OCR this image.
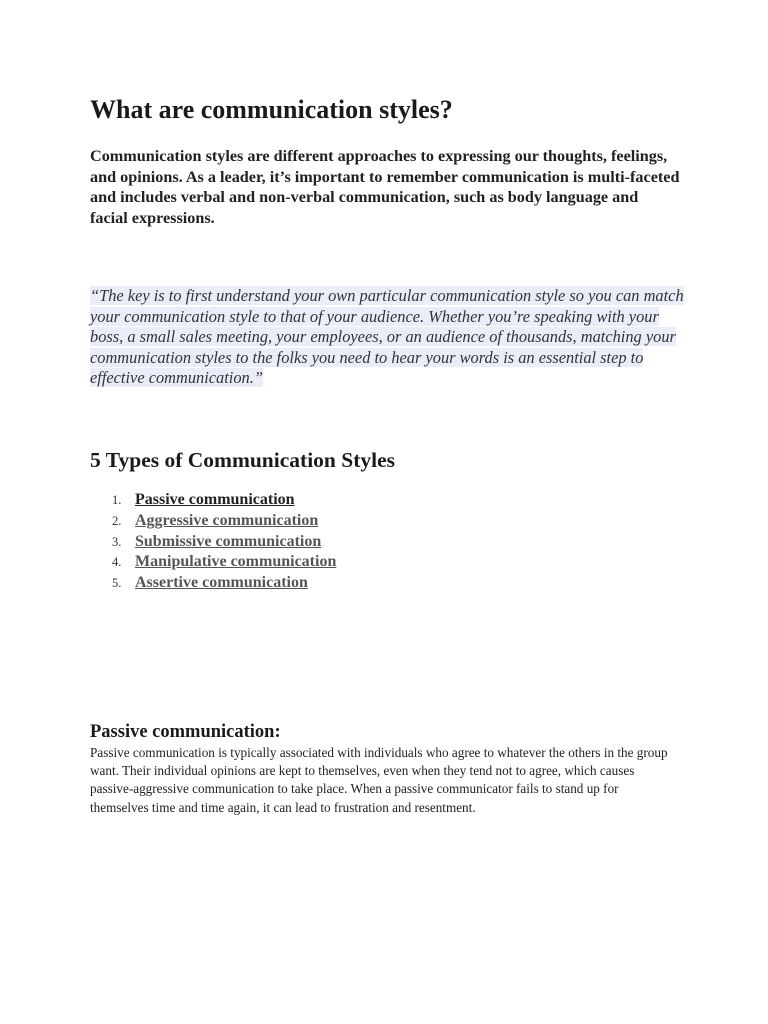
What are communication styles?

Communication styles are different approaches to expressing our thoughts, feelings, and opinions. As a leader, it’s important to remember communication is multi-faceted and includes verbal and non-verbal communication, such as body language and facial expressions.

“The key is to first understand your own particular communication style so you can match your communication style to that of your audience. Whether you’re speaking with your boss, a small sales meeting, your employees, or an audience of thousands, matching your communication styles to the folks you need to hear your words is an essential step to effective communication.”

5 Types of Communication Styles
1. Passive communication
2. Aggressive communication
3. Submissive communication
4. Manipulative communication
5. Assertive communication
Passive communication:

Passive communication is typically associated with individuals who agree to whatever the others in the group want. Their individual opinions are kept to themselves, even when they tend not to agree, which causes passive-aggressive communication to take place. When a passive communicator fails to stand up for themselves time and time again, it can lead to frustration and resentment.
